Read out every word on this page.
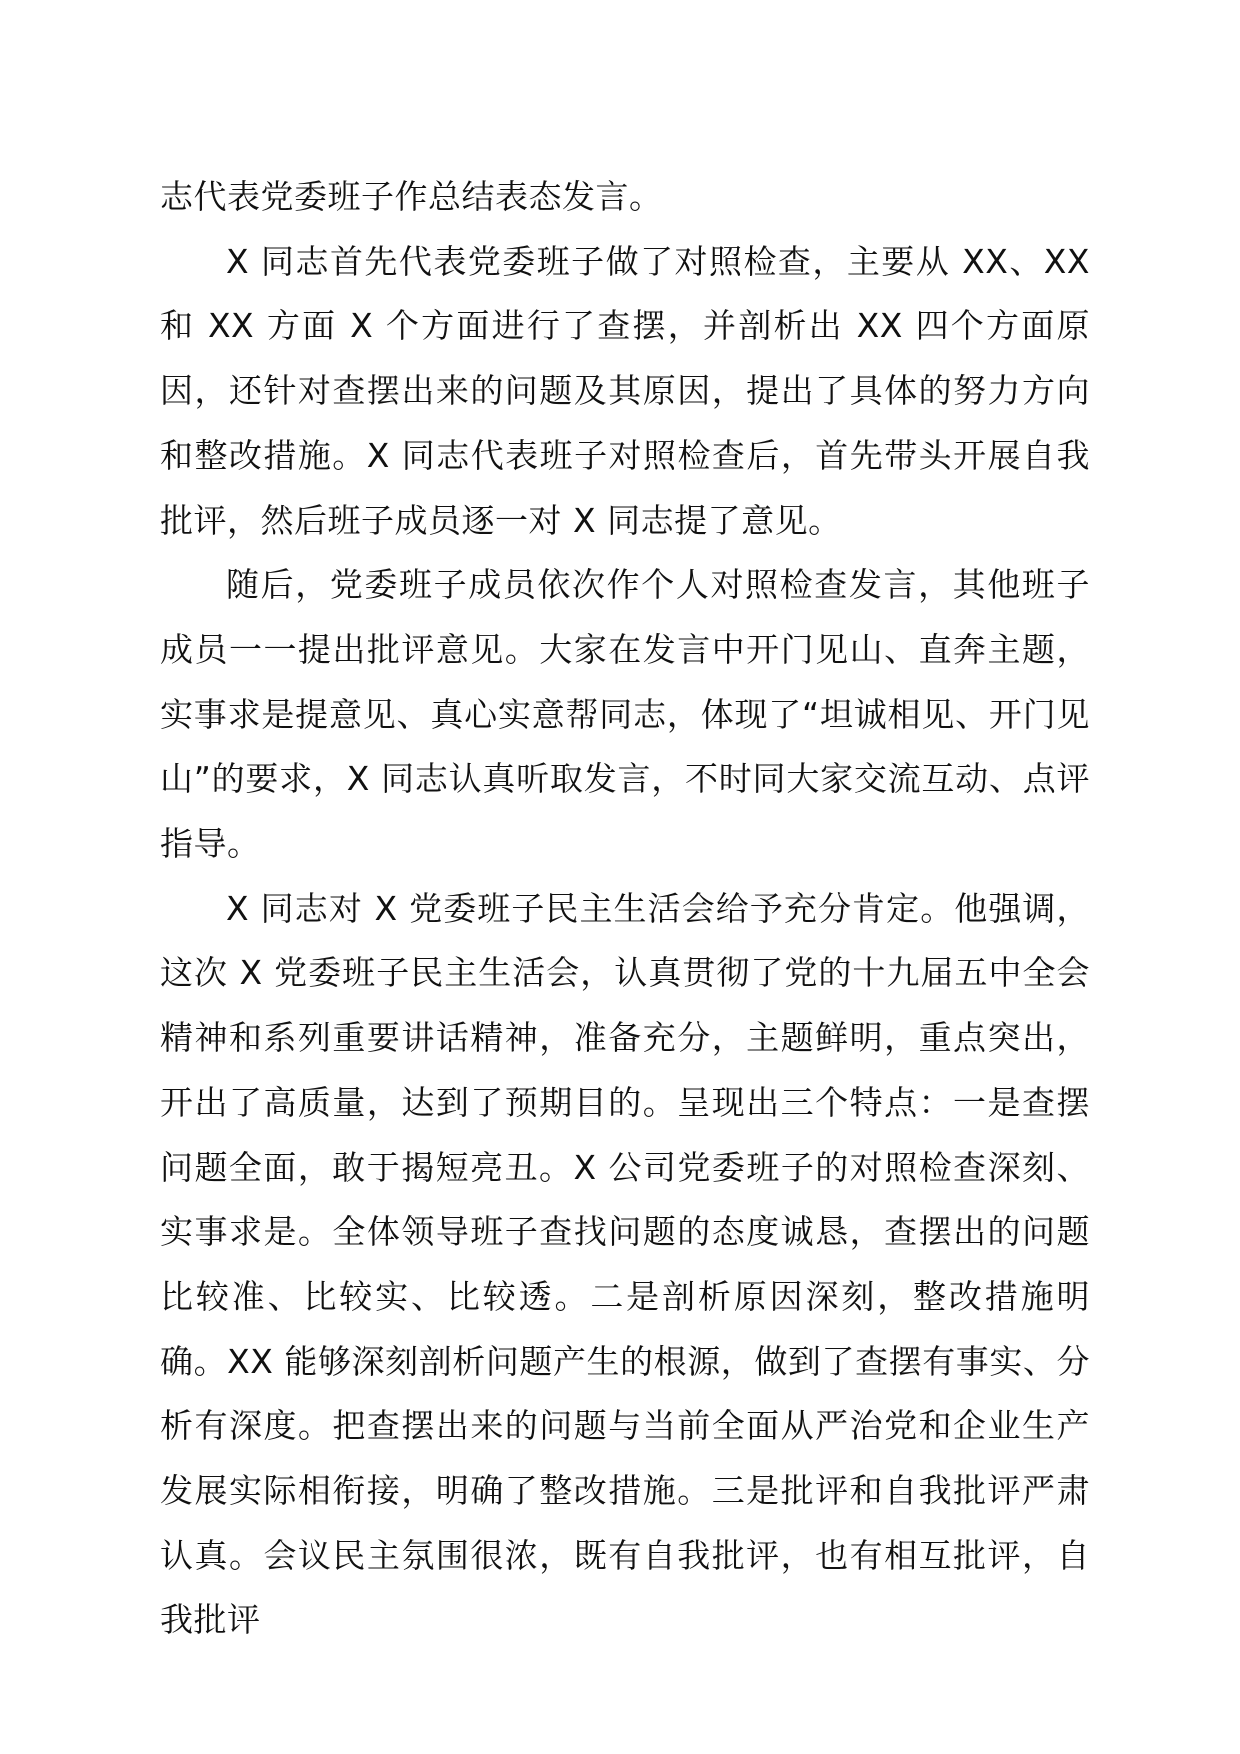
志代表党委班子作总结表态发言。

X 同志首先代表党委班子做了对照检查，主要从 XX、XX 和 XX 方面 X 个方面进行了查摆，并剖析出 XX 四个方面原因，还针对查摆出来的问题及其原因，提出了具体的努力方向和整改措施。X 同志代表班子对照检查后，首先带头开展自我批评，然后班子成员逐一对 X 同志提了意见。

随后，党委班子成员依次作个人对照检查发言，其他班子成员一一提出批评意见。大家在发言中开门见山、直奔主题，实事求是提意见、真心实意帮同志，体现了“坦诚相见、开门见山”的要求，X 同志认真听取发言，不时同大家交流互动、点评指导。

X 同志对 X 党委班子民主生活会给予充分肯定。他强调，这次 X 党委班子民主生活会，认真贯彻了党的十九届五中全会精神和系列重要讲话精神，准备充分，主题鲜明，重点突出，开出了高质量，达到了预期目的。呈现出三个特点：一是查摆问题全面，敢于揭短亮丑。X 公司党委班子的对照检查深刻、实事求是。全体领导班子查找问题的态度诚恳，查摆出的问题比较准、比较实、比较透。二是剖析原因深刻，整改措施明确。XX 能够深刻剖析问题产生的根源，做到了查摆有事实、分析有深度。把查摆出来的问题与当前全面从严治党和企业生产发展实际相衔接，明确了整改措施。三是批评和自我批评严肃认真。会议民主氛围很浓，既有自我批评，也有相互批评，自我批评
